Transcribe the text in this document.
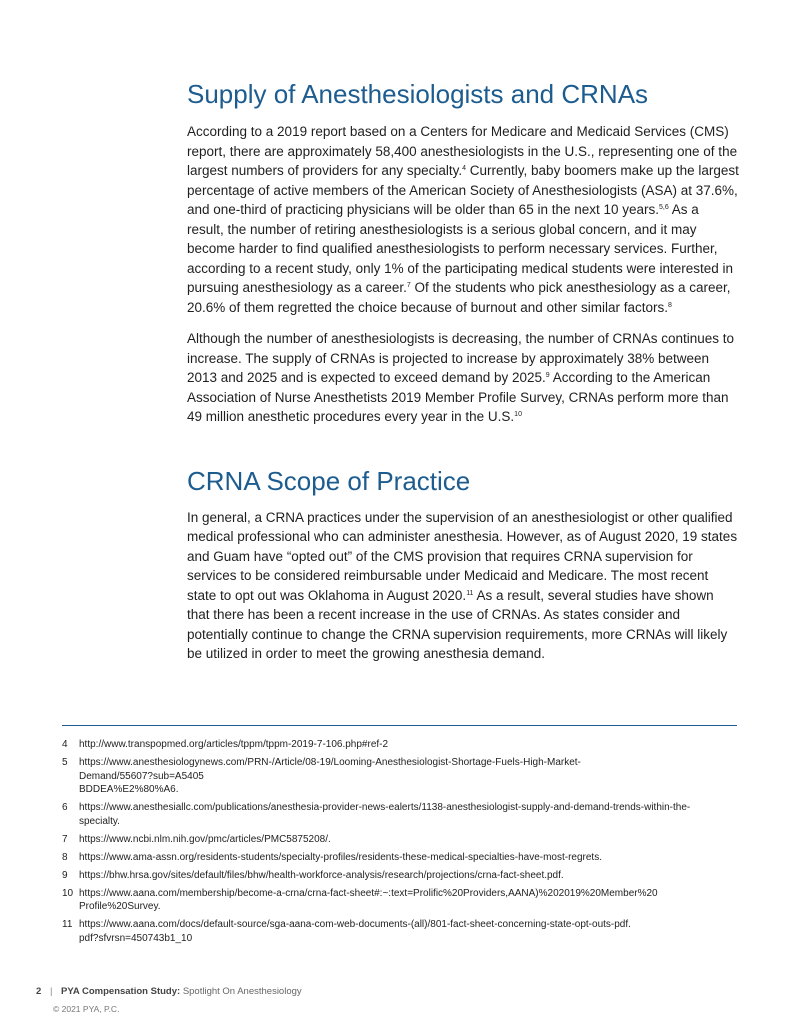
Supply of Anesthesiologists and CRNAs

According to a 2019 report based on a Centers for Medicare and Medicaid Services (CMS) report, there are approximately 58,400 anesthesiologists in the U.S., representing one of the largest numbers of providers for any specialty.$^4$ Currently, baby boomers make up the largest percentage of active members of the American Society of Anesthesiologists (ASA) at 37.6%, and one-third of practicing physicians will be older than 65 in the next 10 years.$^{5,6}$ As a result, the number of retiring anesthesiologists is a serious global concern, and it may become harder to find qualified anesthesiologists to perform necessary services. Further, according to a recent study, only 1% of the participating medical students were interested in pursuing anesthesiology as a career.$^7$ Of the students who pick anesthesiology as a career, 20.6% of them regretted the choice because of burnout and other similar factors.$^8$

Although the number of anesthesiologists is decreasing, the number of CRNAs continues to increase. The supply of CRNAs is projected to increase by approximately 38% between 2013 and 2025 and is expected to exceed demand by 2025.$^9$ According to the American Association of Nurse Anesthetists 2019 Member Profile Survey, CRNAs perform more than 49 million anesthetic procedures every year in the U.S.$^{10}$

CRNA Scope of Practice

In general, a CRNA practices under the supervision of an anesthesiologist or other qualified medical professional who can administer anesthesia. However, as of August 2020, 19 states and Guam have “opted out” of the CMS provision that requires CRNA supervision for services to be considered reimbursable under Medicaid and Medicare. The most recent state to opt out was Oklahoma in August 2020.11 As a result, several studies have shown that there has been a recent increase in the use of CRNAs. As states consider and potentially continue to change the CRNA supervision requirements, more CRNAs will likely be utilized in order to meet the growing anesthesia demand.

4	http://www.transpopmed.org/articles/tppm/tppm-2019-7-106.php#ref-2
5	https://www.anesthesiologynews.com/PRN-/Article/08-19/Looming-Anesthesiologist-Shortage-Fuels-High-Market-
Demand/55607?sub=A5405
BDDEA%E2%80%A6.
6	https://www.anesthesiallc.com/publications/anesthesia-provider-news-ealerts/1138-anesthesiologist-supply-and-demand-trends-within-the-
specialty.
7	https://www.ncbi.nlm.nih.gov/pmc/articles/PMC5875208/.
8	https://www.ama-assn.org/residents-students/specialty-profiles/residents-these-medical-specialties-have-most-regrets.
9	https://bhw.hrsa.gov/sites/default/files/bhw/health-workforce-analysis/research/projections/crna-fact-sheet.pdf.
10 https://www.aana.com/membership/become-a-crna/crna-fact-sheet#:~:text=Prolific%20Providers,AANA)%202019%20Member%20
Profile%20Survey.
11 https://www.aana.com/docs/default-source/sga-aana-com-web-documents-(all)/801-fact-sheet-concerning-state-opt-outs-pdf.
pdf?sfvrsn=450743b1_10
2 | PYA Compensation Study: Spotlight On Anesthesiology
© 2021 PYA, P.C.
